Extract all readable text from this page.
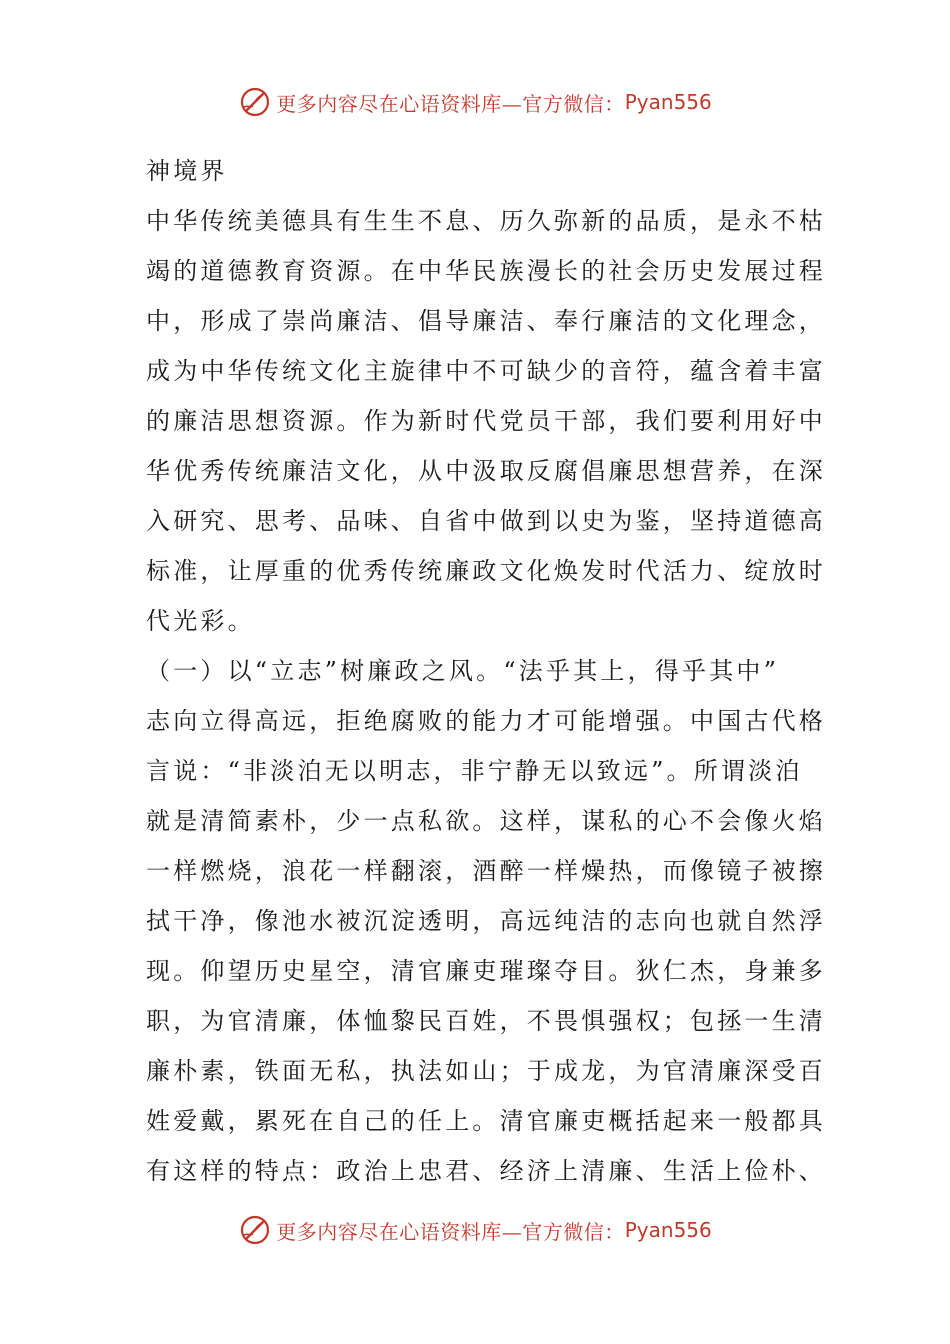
更多内容尽在心语资料库—官方微信： Pyan556
神境界
中华传统美德具有生生不息、历久弥新的品质，是永不枯
竭的道德教育资源。在中华民族漫长的社会历史发展过程
中，形成了崇尚廉洁、倡导廉洁、奉行廉洁的文化理念，
成为中华传统文化主旋律中不可缺少的音符，蕴含着丰富
的廉洁思想资源。作为新时代党员干部，我们要利用好中
华优秀传统廉洁文化，从中汲取反腐倡廉思想营养，在深
入研究、思考、品味、自省中做到以史为鉴，坚持道德高
标准，让厚重的优秀传统廉政文化焕发时代活力、绽放时
代光彩。
（一）以“立志”树廉政之风。“法乎其上，得乎其中”
志向立得高远，拒绝腐败的能力才可能增强。中国古代格
言说：“非淡泊无以明志，非宁静无以致远”。所谓淡泊
就是清简素朴，少一点私欲。这样，谋私的心不会像火焰
一样燃烧，浪花一样翻滚，酒醉一样燥热，而像镜子被擦
拭干净，像池水被沉淀透明，高远纯洁的志向也就自然浮
现。仰望历史星空，清官廉吏璀璨夺目。狄仁杰，身兼多
职，为官清廉，体恤黎民百姓，不畏惧强权；包拯一生清
廉朴素，铁面无私，执法如山；于成龙，为官清廉深受百
姓爱戴，累死在自己的任上。清官廉吏概括起来一般都具
有这样的特点：政治上忠君、经济上清廉、生活上俭朴、
更多内容尽在心语资料库—官方微信： Pyan556
